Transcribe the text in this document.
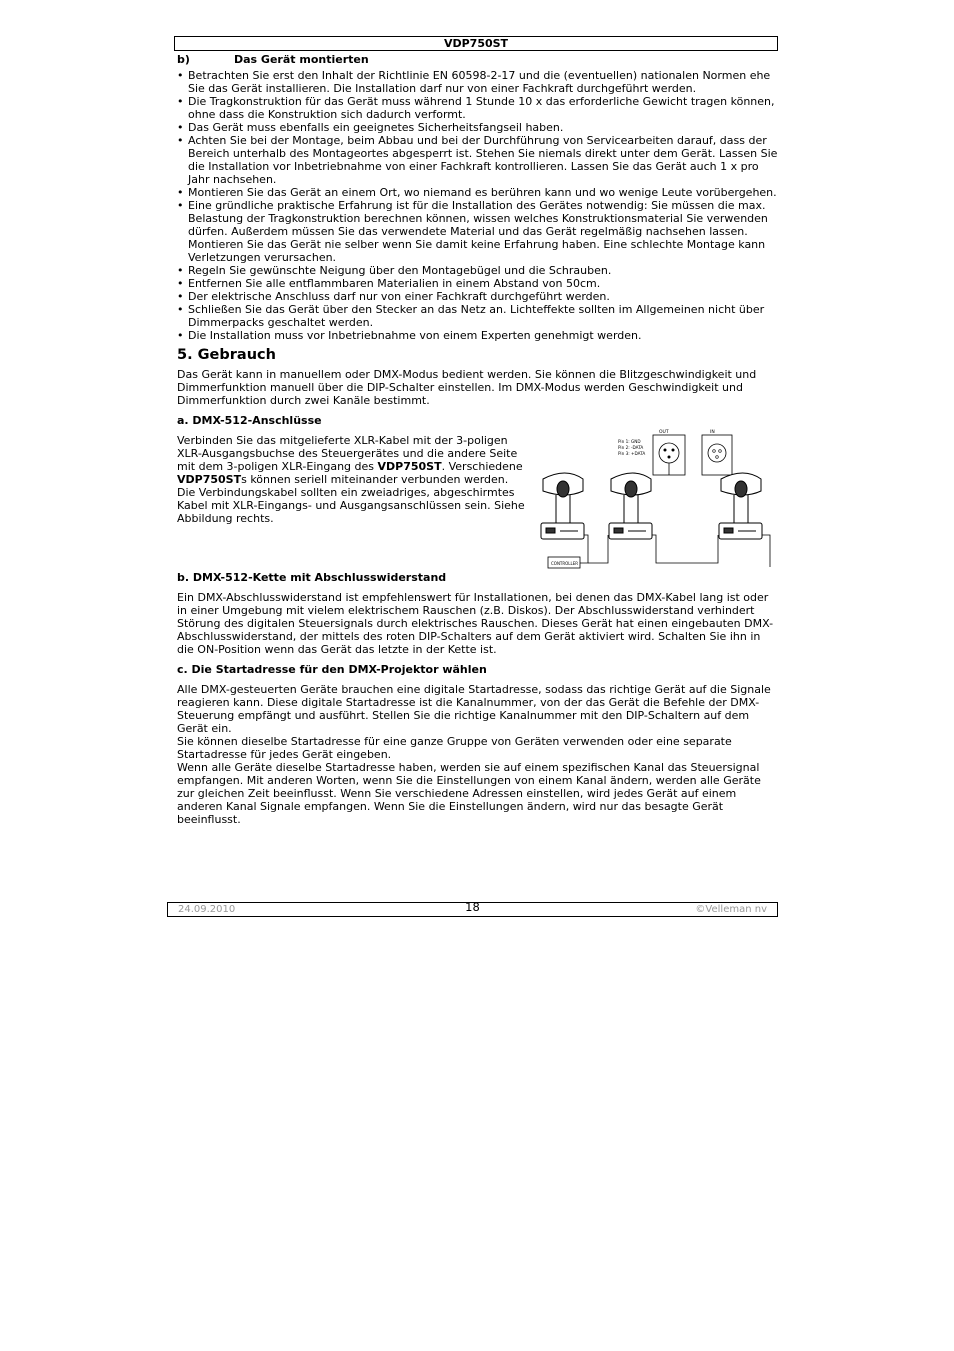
VDP750ST
b)	Das Gerät montierten
• Betrachten Sie erst den Inhalt der Richtlinie EN 60598-2-17 und die (eventuellen) nationalen Normen ehe Sie das Gerät installieren. Die Installation darf nur von einer Fachkraft durchgeführt werden.
• Die Tragkonstruktion für das Gerät muss während 1 Stunde 10 x das erforderliche Gewicht tragen können, ohne dass die Konstruktion sich dadurch verformt.
• Das Gerät muss ebenfalls ein geeignetes Sicherheitsfangseil haben.
• Achten Sie bei der Montage, beim Abbau und bei der Durchführung von Servicearbeiten darauf, dass der Bereich unterhalb des Montageortes abgesperrt ist. Stehen Sie niemals direkt unter dem Gerät. Lassen Sie die Installation vor Inbetriebnahme von einer Fachkraft kontrollieren. Lassen Sie das Gerät auch 1 x pro Jahr nachsehen.
• Montieren Sie das Gerät an einem Ort, wo niemand es berühren kann und wo wenige Leute vorübergehen.
• Eine gründliche praktische Erfahrung ist für die Installation des Gerätes notwendig: Sie müssen die max. Belastung der Tragkonstruktion berechnen können, wissen welches Konstruktionsmaterial Sie verwenden dürfen. Außerdem müssen Sie das verwendete Material und das Gerät regelmäßig nachsehen lassen. Montieren Sie das Gerät nie selber wenn Sie damit keine Erfahrung haben. Eine schlechte Montage kann Verletzungen verursachen.
• Regeln Sie gewünschte Neigung über den Montagebügel und die Schrauben.
• Entfernen Sie alle entflammbaren Materialien in einem Abstand von 50cm.
• Der elektrische Anschluss darf nur von einer Fachkraft durchgeführt werden.
• Schließen Sie das Gerät über den Stecker an das Netz an. Lichteffekte sollten im Allgemeinen nicht über Dimmerpacks geschaltet werden.
• Die Installation muss vor Inbetriebnahme von einem Experten genehmigt werden.
5. Gebrauch

Das Gerät kann in manuellem oder DMX-Modus bedient werden. Sie können die Blitzgeschwindigkeit und Dimmerfunktion manuell über die DIP-Schalter einstellen. Im DMX-Modus werden Geschwindigkeit und Dimmerfunktion durch zwei Kanäle bestimmt.

a. DMX-512-Anschlüsse
Pin 1: GND
Pin 2: -DATA
Pin 3: +DATA
OUT	IN
CONTROLLER

Verbinden Sie das mitgelieferte XLR-Kabel mit der 3-poligen XLR-Ausgangsbuchse des Steuergerätes und die andere Seite mit dem 3-poligen XLR-Eingang des VDP750ST. Verschiedene VDP750STs können seriell miteinander verbunden werden. Die Verbindungskabel sollten ein zweiadriges, abgeschirmtes Kabel mit XLR-Eingangs- und Ausgangsanschlüssen sein. Siehe Abbildung rechts.

b. DMX-512-Kette mit Abschlusswiderstand

Ein DMX-Abschlusswiderstand ist empfehlenswert für Installationen, bei denen das DMX-Kabel lang ist oder in einer Umgebung mit vielem elektrischem Rauschen (z.B. Diskos). Der Abschlusswiderstand verhindert Störung des digitalen Steuersignals durch elektrisches Rauschen. Dieses Gerät hat einen eingebauten DMX-Abschlusswiderstand, der mittels des roten DIP-Schalters auf dem Gerät aktiviert wird. Schalten Sie ihn in die ON-Position wenn das Gerät das letzte in der Kette ist.

c. Die Startadresse für den DMX-Projektor wählen

Alle DMX-gesteuerten Geräte brauchen eine digitale Startadresse, sodass das richtige Gerät auf die Signale reagieren kann. Diese digitale Startadresse ist die Kanalnummer, von der das Gerät die Befehle der DMX-Steuerung empfängt und ausführt. Stellen Sie die richtige Kanalnummer mit den DIP-Schaltern auf dem Gerät ein.

Sie können dieselbe Startadresse für eine ganze Gruppe von Geräten verwenden oder eine separate Startadresse für jedes Gerät eingeben.

Wenn alle Geräte dieselbe Startadresse haben, werden sie auf einem spezifischen Kanal das Steuersignal empfangen. Mit anderen Worten, wenn Sie die Einstellungen von einem Kanal ändern, werden alle Geräte zur gleichen Zeit beeinflusst. Wenn Sie verschiedene Adressen einstellen, wird jedes Gerät auf einem anderen Kanal Signale empfangen. Wenn Sie die Einstellungen ändern, wird nur das besagte Gerät beeinflusst.

24.09.2010	18	©Velleman nv
